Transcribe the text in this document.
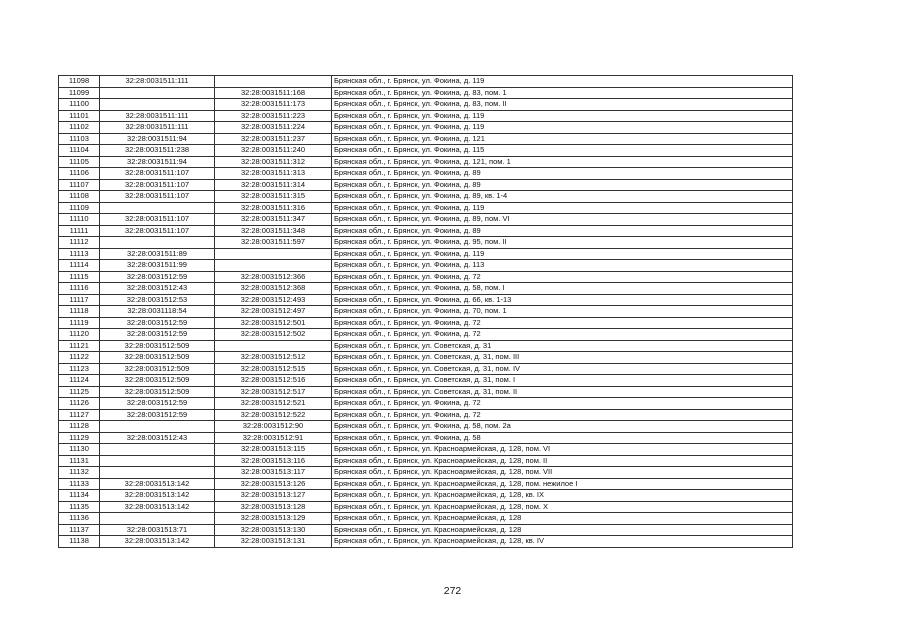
11098	32:28:0031511:111		Брянская обл., г. Брянск, ул. Фокина, д. 119
11099		32:28:0031511:168	Брянская обл., г. Брянск, ул. Фокина, д. 83, пом. 1
11100		32:28:0031511:173	Брянская обл., г. Брянск, ул. Фокина, д. 83, пом. II
11101	32:28:0031511:111	32:28:0031511:223	Брянская обл., г. Брянск, ул. Фокина, д. 119
11102	32:28:0031511:111	32:28:0031511:224	Брянская обл., г. Брянск, ул. Фокина, д. 119
11103	32:28:0031511:94	32:28:0031511:237	Брянская обл., г. Брянск, ул. Фокина, д. 121
11104	32:28:0031511:238	32:28:0031511:240	Брянская обл., г. Брянск, ул. Фокина, д. 115
11105	32:28:0031511:94	32:28:0031511:312	Брянская обл., г. Брянск, ул. Фокина, д. 121, пом. 1
11106	32:28:0031511:107	32:28:0031511:313	Брянская обл., г. Брянск, ул. Фокина, д. 89
11107	32:28:0031511:107	32:28:0031511:314	Брянская обл., г. Брянск, ул. Фокина, д. 89
11108	32:28:0031511:107	32:28:0031511:315	Брянская обл., г. Брянск, ул. Фокина, д. 89, кв. 1-4
11109		32:28:0031511:316	Брянская обл., г. Брянск, ул. Фокина, д. 119
11110	32:28:0031511:107	32:28:0031511:347	Брянская обл., г. Брянск, ул. Фокина, д. 89, пом. VI
11111	32:28:0031511:107	32:28:0031511:348	Брянская обл., г. Брянск, ул. Фокина, д. 89
11112		32:28:0031511:597	Брянская обл., г. Брянск, ул. Фокина, д. 95, пом. II
11113	32:28:0031511:89		Брянская обл., г. Брянск, ул. Фокина, д. 119
11114	32:28:0031511:99		Брянская обл., г. Брянск, ул. Фокина, д. 113
11115	32:28:0031512:59	32:28:0031512:366	Брянская обл., г. Брянск, ул. Фокина, д. 72
11116	32:28:0031512:43	32:28:0031512:368	Брянская обл., г. Брянск, ул. Фокина, д. 58, пом. I
11117	32:28:0031512:53	32:28:0031512:493	Брянская обл., г. Брянск, ул. Фокина, д. 66, кв. 1-13
11118	32:28:0031118:54	32:28:0031512:497	Брянская обл., г. Брянск, ул. Фокина, д. 70, пом. 1
11119	32:28:0031512:59	32:28:0031512:501	Брянская обл., г. Брянск, ул. Фокина, д. 72
11120	32:28:0031512:59	32:28:0031512:502	Брянская обл., г. Брянск, ул. Фокина, д. 72
11121	32:28:0031512:509		Брянская обл., г. Брянск, ул. Советская, д. 31
11122	32:28:0031512:509	32:28:0031512:512	Брянская обл., г. Брянск, ул. Советская, д. 31, пом. III
11123	32:28:0031512:509	32:28:0031512:515	Брянская обл., г. Брянск, ул. Советская, д. 31, пом. IV
11124	32:28:0031512:509	32:28:0031512:516	Брянская обл., г. Брянск, ул. Советская, д. 31, пом. I
11125	32:28:0031512:509	32:28:0031512:517	Брянская обл., г. Брянск, ул. Советская, д. 31, пом. II
11126	32:28:0031512:59	32:28:0031512:521	Брянская обл., г. Брянск, ул. Фокина, д. 72
11127	32:28:0031512:59	32:28:0031512:522	Брянская обл., г. Брянск, ул. Фокина, д. 72
11128		32:28:0031512:90	Брянская обл., г. Брянск, ул. Фокина, д. 58, пом. 2а
11129	32:28:0031512:43	32:28:0031512:91	Брянская обл., г. Брянск, ул. Фокина, д. 58
11130		32:28:0031513:115	Брянская обл., г. Брянск, ул. Красноармейская, д. 128, пом. VI
11131		32:28:0031513:116	Брянская обл., г. Брянск, ул. Красноармейская, д. 128, пом. II
11132		32:28:0031513:117	Брянская обл., г. Брянск, ул. Красноармейская, д. 128, пом. VII
11133	32:28:0031513:142	32:28:0031513:126	Брянская обл., г. Брянск, ул. Красноармейская, д. 128, пом. нежилое I
11134	32:28:0031513:142	32:28:0031513:127	Брянская обл., г. Брянск, ул. Красноармейская, д. 128, кв. IX
11135	32:28:0031513:142	32:28:0031513:128	Брянская обл., г. Брянск, ул. Красноармейская, д. 128, пом. X
11136		32:28:0031513:129	Брянская обл., г. Брянск, ул. Красноармейская, д. 128
11137	32:28:0031513:71	32:28:0031513:130	Брянская обл., г. Брянск, ул. Красноармейская, д. 128
11138	32:28:0031513:142	32:28:0031513:131	Брянская обл., г. Брянск, ул. Красноармейская, д. 128, кв. IV
272
